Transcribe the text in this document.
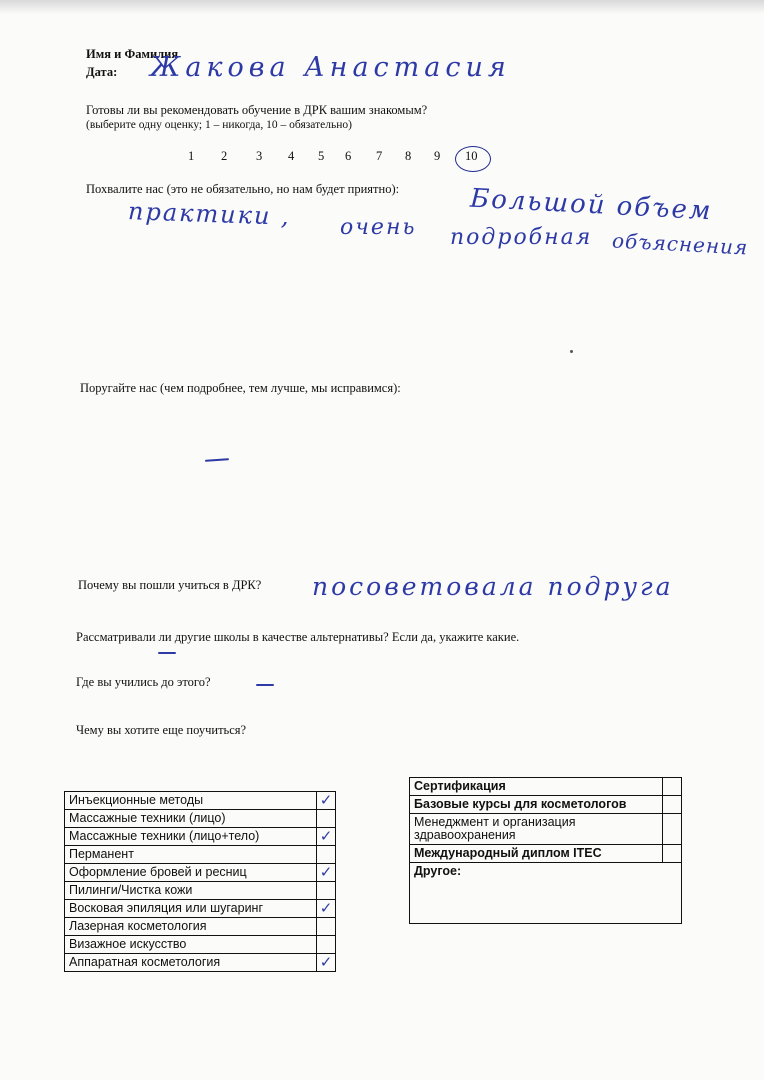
Имя и Фамилия
Дата: Жакова Анастасия
Готовы ли вы рекомендовать обучение в ДРК вашим знакомым?
(выберите одну оценку; 1 – никогда, 10 – обязательно)
1 2 3 4 5 6 7 8 9 10
Похвалите нас (это не обязательно, но нам будет приятно):
практики , очень
Большой объем
подробная объяснения
Поругайте нас (чем подробнее, тем лучше, мы исправимся):
Почему вы пошли учиться в ДРК? посоветовала подруга
Рассматривали ли другие школы в качестве альтернативы? Если да, укажите какие.
Где вы учились до этого?
Чему вы хотите еще поучиться?
Инъекционные методы	✓
Массажные техники (лицо)	
Массажные техники (лицо+тело)	✓
Перманент	
Оформление бровей и ресниц	✓
Пилинги/Чистка кожи	
Восковая эпиляция или шугаринг	✓
Лазерная косметология	
Визажное искусство	
Аппаратная косметология	✓
Сертификация	
Базовые курсы для косметологов	
Менеджмент и организация здравоохранения	
Международный диплом ITEC	
Другое:	
